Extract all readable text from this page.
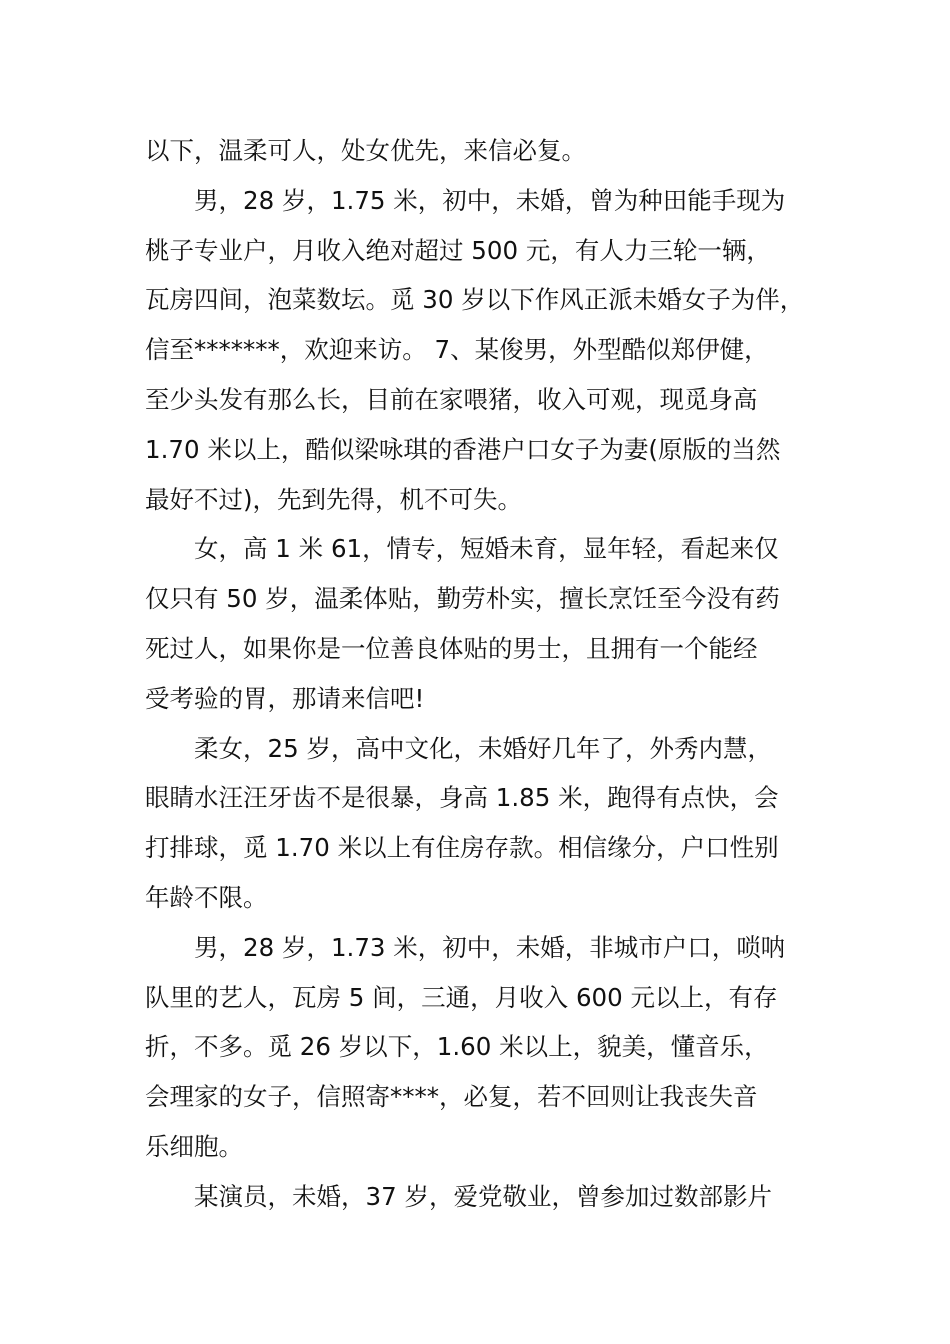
以下，温柔可人，处女优先，来信必复。
男，28 岁，1.75 米，初中，未婚，曾为种田能手现为
桃子专业户，月收入绝对超过 500 元，有人力三轮一辆，
瓦房四间，泡菜数坛。觅 30 岁以下作风正派未婚女子为伴，
信至*******，欢迎来访。 7、某俊男，外型酷似郑伊健，
至少头发有那么长，目前在家喂猪，收入可观，现觅身高
1.70 米以上，酷似梁咏琪的香港户口女子为妻(原版的当然
最好不过)，先到先得，机不可失。
女，高 1 米 61，情专，短婚未育，显年轻，看起来仅
仅只有 50 岁，温柔体贴，勤劳朴实，擅长烹饪至今没有药
死过人，如果你是一位善良体贴的男士，且拥有一个能经
受考验的胃，那请来信吧!
柔女，25 岁，高中文化，未婚好几年了，外秀内慧，
眼睛水汪汪牙齿不是很暴，身高 1.85 米，跑得有点快，会
打排球，觅 1.70 米以上有住房存款。相信缘分，户口性别
年龄不限。
男，28 岁，1.73 米，初中，未婚，非城市户口，唢呐
队里的艺人，瓦房 5 间，三通，月收入 600 元以上，有存
折，不多。觅 26 岁以下，1.60 米以上，貌美，懂音乐，
会理家的女子，信照寄****，必复，若不回则让我丧失音
乐细胞。
某演员，未婚，37 岁，爱党敬业，曾参加过数部影片
